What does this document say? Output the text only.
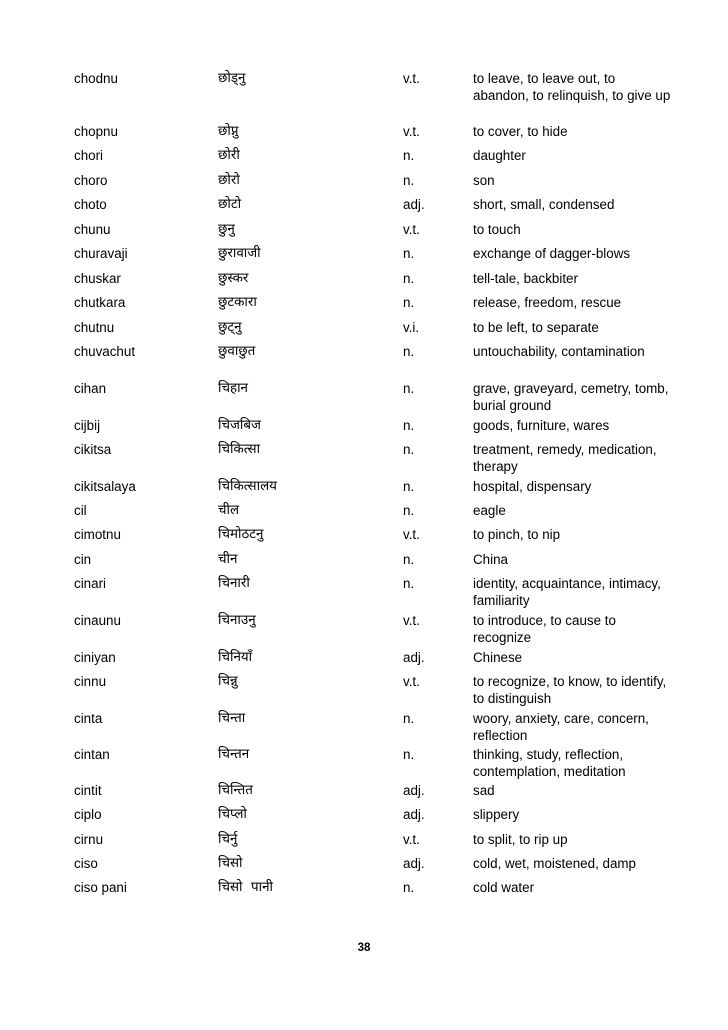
chodnu	छोड्नु	v.t.	to leave, to leave out, to abandon, to relinquish, to give up
chopnu	छोप्नु	v.t.	to cover, to hide
chori	छोरी	n.	daughter
choro	छोरो	n.	son
choto	छोटो	adj.	short, small, condensed
chunu	छुनु	v.t.	to touch
churavaji	छुरावाजी	n.	exchange of dagger-blows
chuskar	छुस्कर	n.	tell-tale, backbiter
chutkara	छुटकारा	n.	release, freedom, rescue
chutnu	छुट्नु	v.i.	to be left, to separate
chuvachut	छुवाछुत	n.	untouchability, contamination
cihan	चिहान	n.	grave, graveyard, cemetry, tomb, burial ground
cijbij	चिजबिज	n.	goods, furniture, wares
cikitsa	चिकित्सा	n.	treatment, remedy, medication, therapy
cikitsalaya	चिकित्सालय	n.	hospital, dispensary
cil	चील	n.	eagle
cimotnu	चिमोठटनु	v.t.	to pinch, to nip
cin	चीन	n.	China
cinari	चिनारी	n.	identity, acquaintance, intimacy, familiarity
cinaunu	चिनाउनु	v.t.	to introduce, to cause to recognize
ciniyan	चिनियाँ	adj.	Chinese
cinnu	चिन्नु	v.t.	to recognize, to know, to identify, to distinguish
cinta	चिन्ता	n.	woory, anxiety, care, concern, reflection
cintan	चिन्तन	n.	thinking, study, reflection, contemplation, meditation
cintit	चिन्तित	adj.	sad
ciplo	चिप्लो	adj.	slippery
cirnu	चिर्नु	v.t.	to split, to rip up
ciso	चिसो	adj.	cold, wet, moistened, damp
ciso pani	चिसो  पानी	n.	cold water
38
